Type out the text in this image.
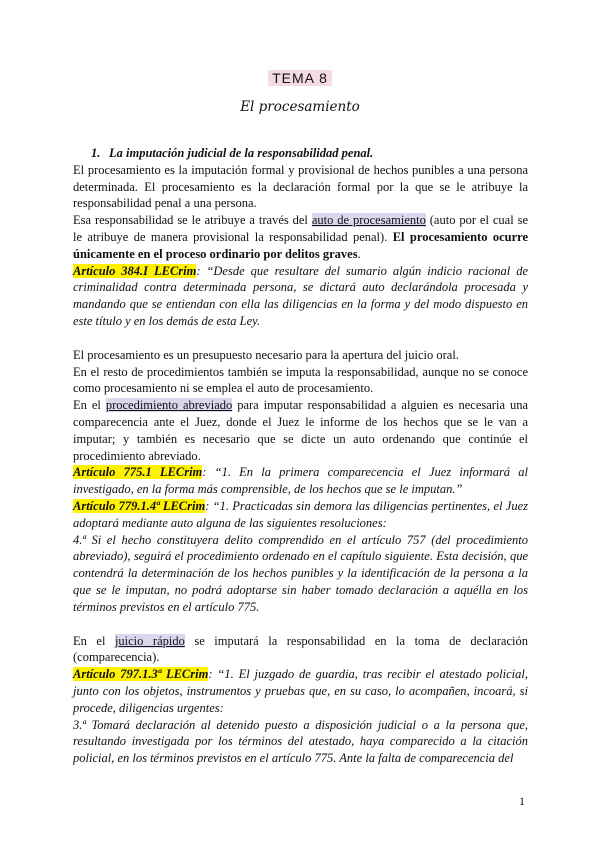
TEMA 8
El procesamiento
1. La imputación judicial de la responsabilidad penal.

El procesamiento es la imputación formal y provisional de hechos punibles a una persona determinada. El procesamiento es la declaración formal por la que se le atribuye la responsabilidad penal a una persona.

Esa responsabilidad se le atribuye a través del auto de procesamiento (auto por el cual se le atribuye de manera provisional la responsabilidad penal). El procesamiento ocurre únicamente en el proceso ordinario por delitos graves.

Artículo 384.I LECrim: “Desde que resultare del sumario algún indicio racional de criminalidad contra determinada persona, se dictará auto declarándola procesada y mandando que se entiendan con ella las diligencias en la forma y del modo dispuesto en este título y en los demás de esta Ley.

El procesamiento es un presupuesto necesario para la apertura del juicio oral.

En el resto de procedimientos también se imputa la responsabilidad, aunque no se conoce como procesamiento ni se emplea el auto de procesamiento.

En el procedimiento abreviado para imputar responsabilidad a alguien es necesaria una comparecencia ante el Juez, donde el Juez le informe de los hechos que se le van a imputar; y también es necesario que se dicte un auto ordenando que continúe el procedimiento abreviado.

Artículo 775.1 LECrim: “1. En la primera comparecencia el Juez informará al investigado, en la forma más comprensible, de los hechos que se le imputan.”

Artículo 779.1.4ª LECrim: “1. Practicadas sin demora las diligencias pertinentes, el Juez adoptará mediante auto alguna de las siguientes resoluciones:

4.ª Si el hecho constituyera delito comprendido en el artículo 757 (del procedimiento abreviado), seguirá el procedimiento ordenado en el capítulo siguiente. Esta decisión, que contendrá la determinación de los hechos punibles y la identificación de la persona a la que se le imputan, no podrá adoptarse sin haber tomado declaración a aquélla en los términos previstos en el artículo 775.

En el juicio rápido se imputará la responsabilidad en la toma de declaración (comparecencia).

Artículo 797.1.3ª LECrim: “1. El juzgado de guardia, tras recibir el atestado policial, junto con los objetos, instrumentos y pruebas que, en su caso, lo acompañen, incoará, si procede, diligencias urgentes:

3.ª Tomará declaración al detenido puesto a disposición judicial o a la persona que, resultando investigada por los términos del atestado, haya comparecido a la citación policial, en los términos previstos en el artículo 775. Ante la falta de comparecencia del

1
